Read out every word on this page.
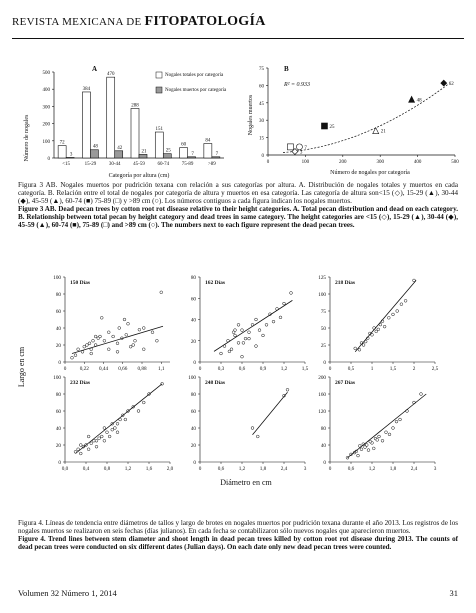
REVISTA MEXICANA DE FITOPATOLOGÍA
Número de nogales
A
Categoría por altura (cm)
Nogales totales por categoría
Nogales muertos por categoría
0
100
200
300
400
500
72
3
<15
384
48
15-29
470
42
30-44
288
21
45-59
151
25
60-74
60
7
75-89
84
7
>89
Nogales muertos
B
R² = 0.933
Número de nogales por categoría
0
15
30
45
60
75
0	100	200	300	400	500
3
48
62
21
25
7

Figura 3 AB. Nogales muertos por pudrición texana con relación a sus categorías por altura. A. Distribución de nogales totales y muertos en cada categoría. B. Relación entre el total de nogales por categoría de altura y muertos en esa categoría. Las categoría de altura son<15 (◇), 15-29 (▲), 30-44 (◆), 45-59 (▲), 60-74 (■) 75-89 (□) y >89 cm (○). Los números contiguos a cada figura indican los nogales muertos.

Figure 3 AB. Dead pecan trees by cotton root rot disease relative to their height categories. A. Total pecan distribution and dead on each category. B. Relationship between total pecan by height category and dead trees in same category. The height categories are <15 (◇), 15-29 (▲), 30-44 (◆), 45-59 (▲), 60-74 (■), 75-89 (□) and >89 cm (○). The numbers next to each figure represent the dead pecan trees.

Largo en cm
Diámetro en cm
0
20
40
60
80
100
0	0,22 0,44 0,66 0,88 1,1
150 Días
0
20
40
60
80
0	0,3	0,6	0,9	1,2	1,5
162 Días
0
25
50
75
100
125
0	0,5	1	1,5	2	2,5
218 Días
0
20
40
60
80
100
0,0	0,4	0,8	1,2	1,6	2,0
232 Días
0
20
40
60
80
100
0	0,6	1,2	1,8	2,4	3
248 Días
0
40
80
120
160
200
0	0,6	1,2	1,8	2,4	3
267 Días

Figura 4. Líneas de tendencia entre diámetros de tallos y largo de brotes en nogales muertos por pudrición texana durante el año 2013. Los registros de los nogales muertos se realizaron en seis fechas (días julianos). En cada fecha se contabilizaron sólo nuevos nogales que aparecieron muertos.

Figure 4. Trend lines between stem diameter and shoot length in dead pecan trees killed by cotton root rot disease during 2013. The counts of dead pecan trees were conducted on six different dates (Julian days). On each date only new dead pecan trees were counted.

Volumen 32 Número 1, 2014	31
